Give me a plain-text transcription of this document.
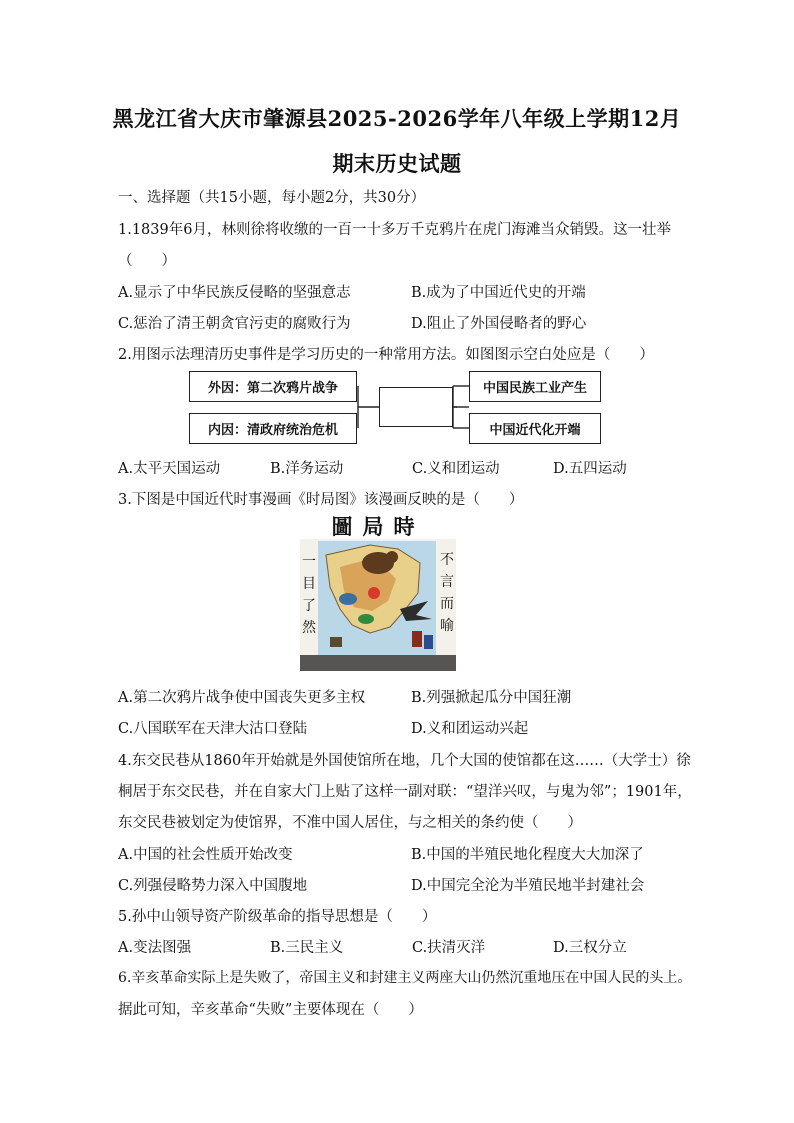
黑龙江省大庆市肇源县2025-2026学年八年级上学期12月
期末历史试题
一、选择题（共15小题，每小题2分，共30分）
1.1839年6月，林则徐将收缴的一百一十多万千克鸦片在虎门海滩当众销毁。这一壮举
（　　）
A.显示了中华民族反侵略的坚强意志	B.成为了中国近代史的开端
C.惩治了清王朝贪官污吏的腐败行为	D.阻止了外国侵略者的野心
2.用图示法理清历史事件是学习历史的一种常用方法。如图图示空白处应是（　　）
外因：第二次鸦片战争
内因：清政府统治危机
中国民族工业产生
中国近代化开端
A.太平天国运动	B.洋务运动	C.义和团运动	D.五四运动
3.下图是中国近代时事漫画《时局图》该漫画反映的是（　　）
圖局時
一目了然
不言而喻
A.第二次鸦片战争使中国丧失更多主权	B.列强掀起瓜分中国狂潮
C.八国联军在天津大沽口登陆	D.义和团运动兴起
4.东交民巷从1860年开始就是外国使馆所在地，几个大国的使馆都在这……（大学士）徐
桐居于东交民巷，并在自家大门上贴了这样一副对联：“望洋兴叹，与鬼为邻”；1901年，
东交民巷被划定为使馆界，不准中国人居住，与之相关的条约使（　　）
A.中国的社会性质开始改变	B.中国的半殖民地化程度大大加深了
C.列强侵略势力深入中国腹地	D.中国完全沦为半殖民地半封建社会
5.孙中山领导资产阶级革命的指导思想是（　　）
A.变法图强	B.三民主义	C.扶清灭洋	D.三权分立
6.辛亥革命实际上是失败了，帝国主义和封建主义两座大山仍然沉重地压在中国人民的头上。
据此可知，辛亥革命“失败”主要体现在（　　）
